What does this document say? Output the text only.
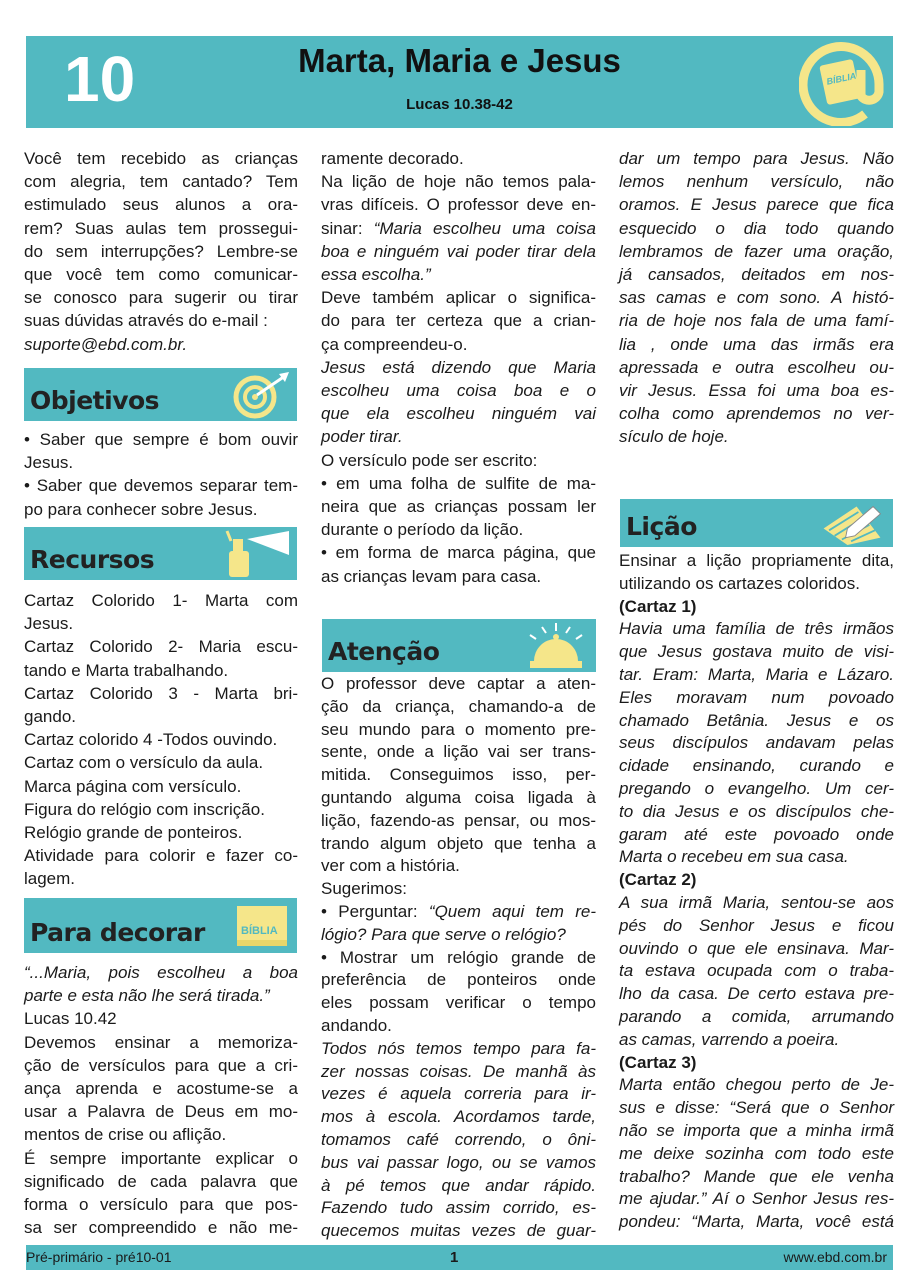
10	Marta, Maria e Jesus
Lucas 10.38-42
BÍBLIA
Você tem recebido as crianças
com alegria, tem cantado? Tem
estimulado seus alunos a ora-
rem? Suas aulas tem prossegui-
do sem interrupções? Lembre-se
que você tem como comunicar-
se conosco para sugerir ou tirar
suas dúvidas através do e-mail :
suporte@ebd.com.br.
Objetivos
• Saber que sempre é bom ouvir
Jesus.
• Saber que devemos separar tem-
po para conhecer sobre Jesus.
Recursos
Cartaz Colorido 1- Marta com
Jesus.
Cartaz Colorido 2- Maria escu-
tando e Marta trabalhando.
Cartaz Colorido 3 - Marta bri-
gando.
Cartaz colorido 4 -Todos ouvindo.
Cartaz com o versículo da aula.
Marca página com versículo.
Figura do relógio com inscrição.
Relógio grande de ponteiros.
Atividade para colorir e fazer co-
lagem.
Para decorar	BÍBLIA
“...Maria, pois escolheu a boa
parte e esta não lhe será tirada.”
Lucas 10.42
Devemos ensinar a memoriza-
ção de versículos para que a cri-
ança aprenda e acostume-se a
usar a Palavra de Deus em mo-
mentos de crise ou aflição.
É sempre importante explicar o
significado de cada palavra que
forma o versículo para que pos-
sa ser compreendido e não me-
ramente decorado.
Na lição de hoje não temos pala-
vras difíceis. O professor deve en-
sinar: “Maria escolheu uma coisa
boa e ninguém vai poder tirar dela
essa escolha.”
Deve também aplicar o significa-
do para ter certeza que a crian-
ça compreendeu-o.
Jesus está dizendo que Maria
escolheu uma coisa boa e o
que ela escolheu ninguém vai
poder tirar.
O versículo pode ser escrito:
• em uma folha de sulfite de ma-
neira que as crianças possam ler
durante o período da lição.
• em forma de marca página, que
as crianças levam para casa.
Atenção
O professor deve captar a aten-
ção da criança, chamando-a de
seu mundo para o momento pre-
sente, onde a lição vai ser trans-
mitida. Conseguimos isso, per-
guntando alguma coisa ligada à
lição, fazendo-as pensar, ou mos-
trando algum objeto que tenha a
ver com a história.
Sugerimos:
• Perguntar: “Quem aqui tem re-
lógio? Para que serve o relógio?
• Mostrar um relógio grande de
preferência de ponteiros onde
eles possam verificar o tempo
andando.
Todos nós temos tempo para fa-
zer nossas coisas. De manhã às
vezes é aquela correria para ir-
mos à escola. Acordamos tarde,
tomamos café correndo, o ôni-
bus vai passar logo, ou se vamos
à pé temos que andar rápido.
Fazendo tudo assim corrido, es-
quecemos muitas vezes de guar-
dar um tempo para Jesus. Não
lemos nenhum versículo, não
oramos. E Jesus parece que fica
esquecido o dia todo quando
lembramos de fazer uma oração,
já cansados, deitados em nos-
sas camas e com sono. A histó-
ria de hoje nos fala de uma famí-
lia , onde uma das irmãs era
apressada e outra escolheu ou-
vir Jesus. Essa foi uma boa es-
colha como aprendemos no ver-
sículo de hoje.
Lição
Ensinar a lição propriamente dita,
utilizando os cartazes coloridos.
(Cartaz 1)
Havia uma família de três irmãos
que Jesus gostava muito de visi-
tar. Eram: Marta, Maria e Lázaro.
Eles moravam num povoado
chamado Betânia. Jesus e os
seus discípulos andavam pelas
cidade ensinando, curando e
pregando o evangelho. Um cer-
to dia Jesus e os discípulos che-
garam até este povoado onde
Marta o recebeu em sua casa.
(Cartaz 2)
A sua irmã Maria, sentou-se aos
pés do Senhor Jesus e ficou
ouvindo o que ele ensinava. Mar-
ta estava ocupada com o traba-
lho da casa. De certo estava pre-
parando a comida, arrumando
as camas, varrendo a poeira.
(Cartaz 3)
Marta então chegou perto de Je-
sus e disse: “Será que o Senhor
não se importa que a minha irmã
me deixe sozinha com todo este
trabalho? Mande que ele venha
me ajudar.” Aí o Senhor Jesus res-
pondeu: “Marta, Marta, você está
Pré-primário - pré10-01	1	www.ebd.com.br
